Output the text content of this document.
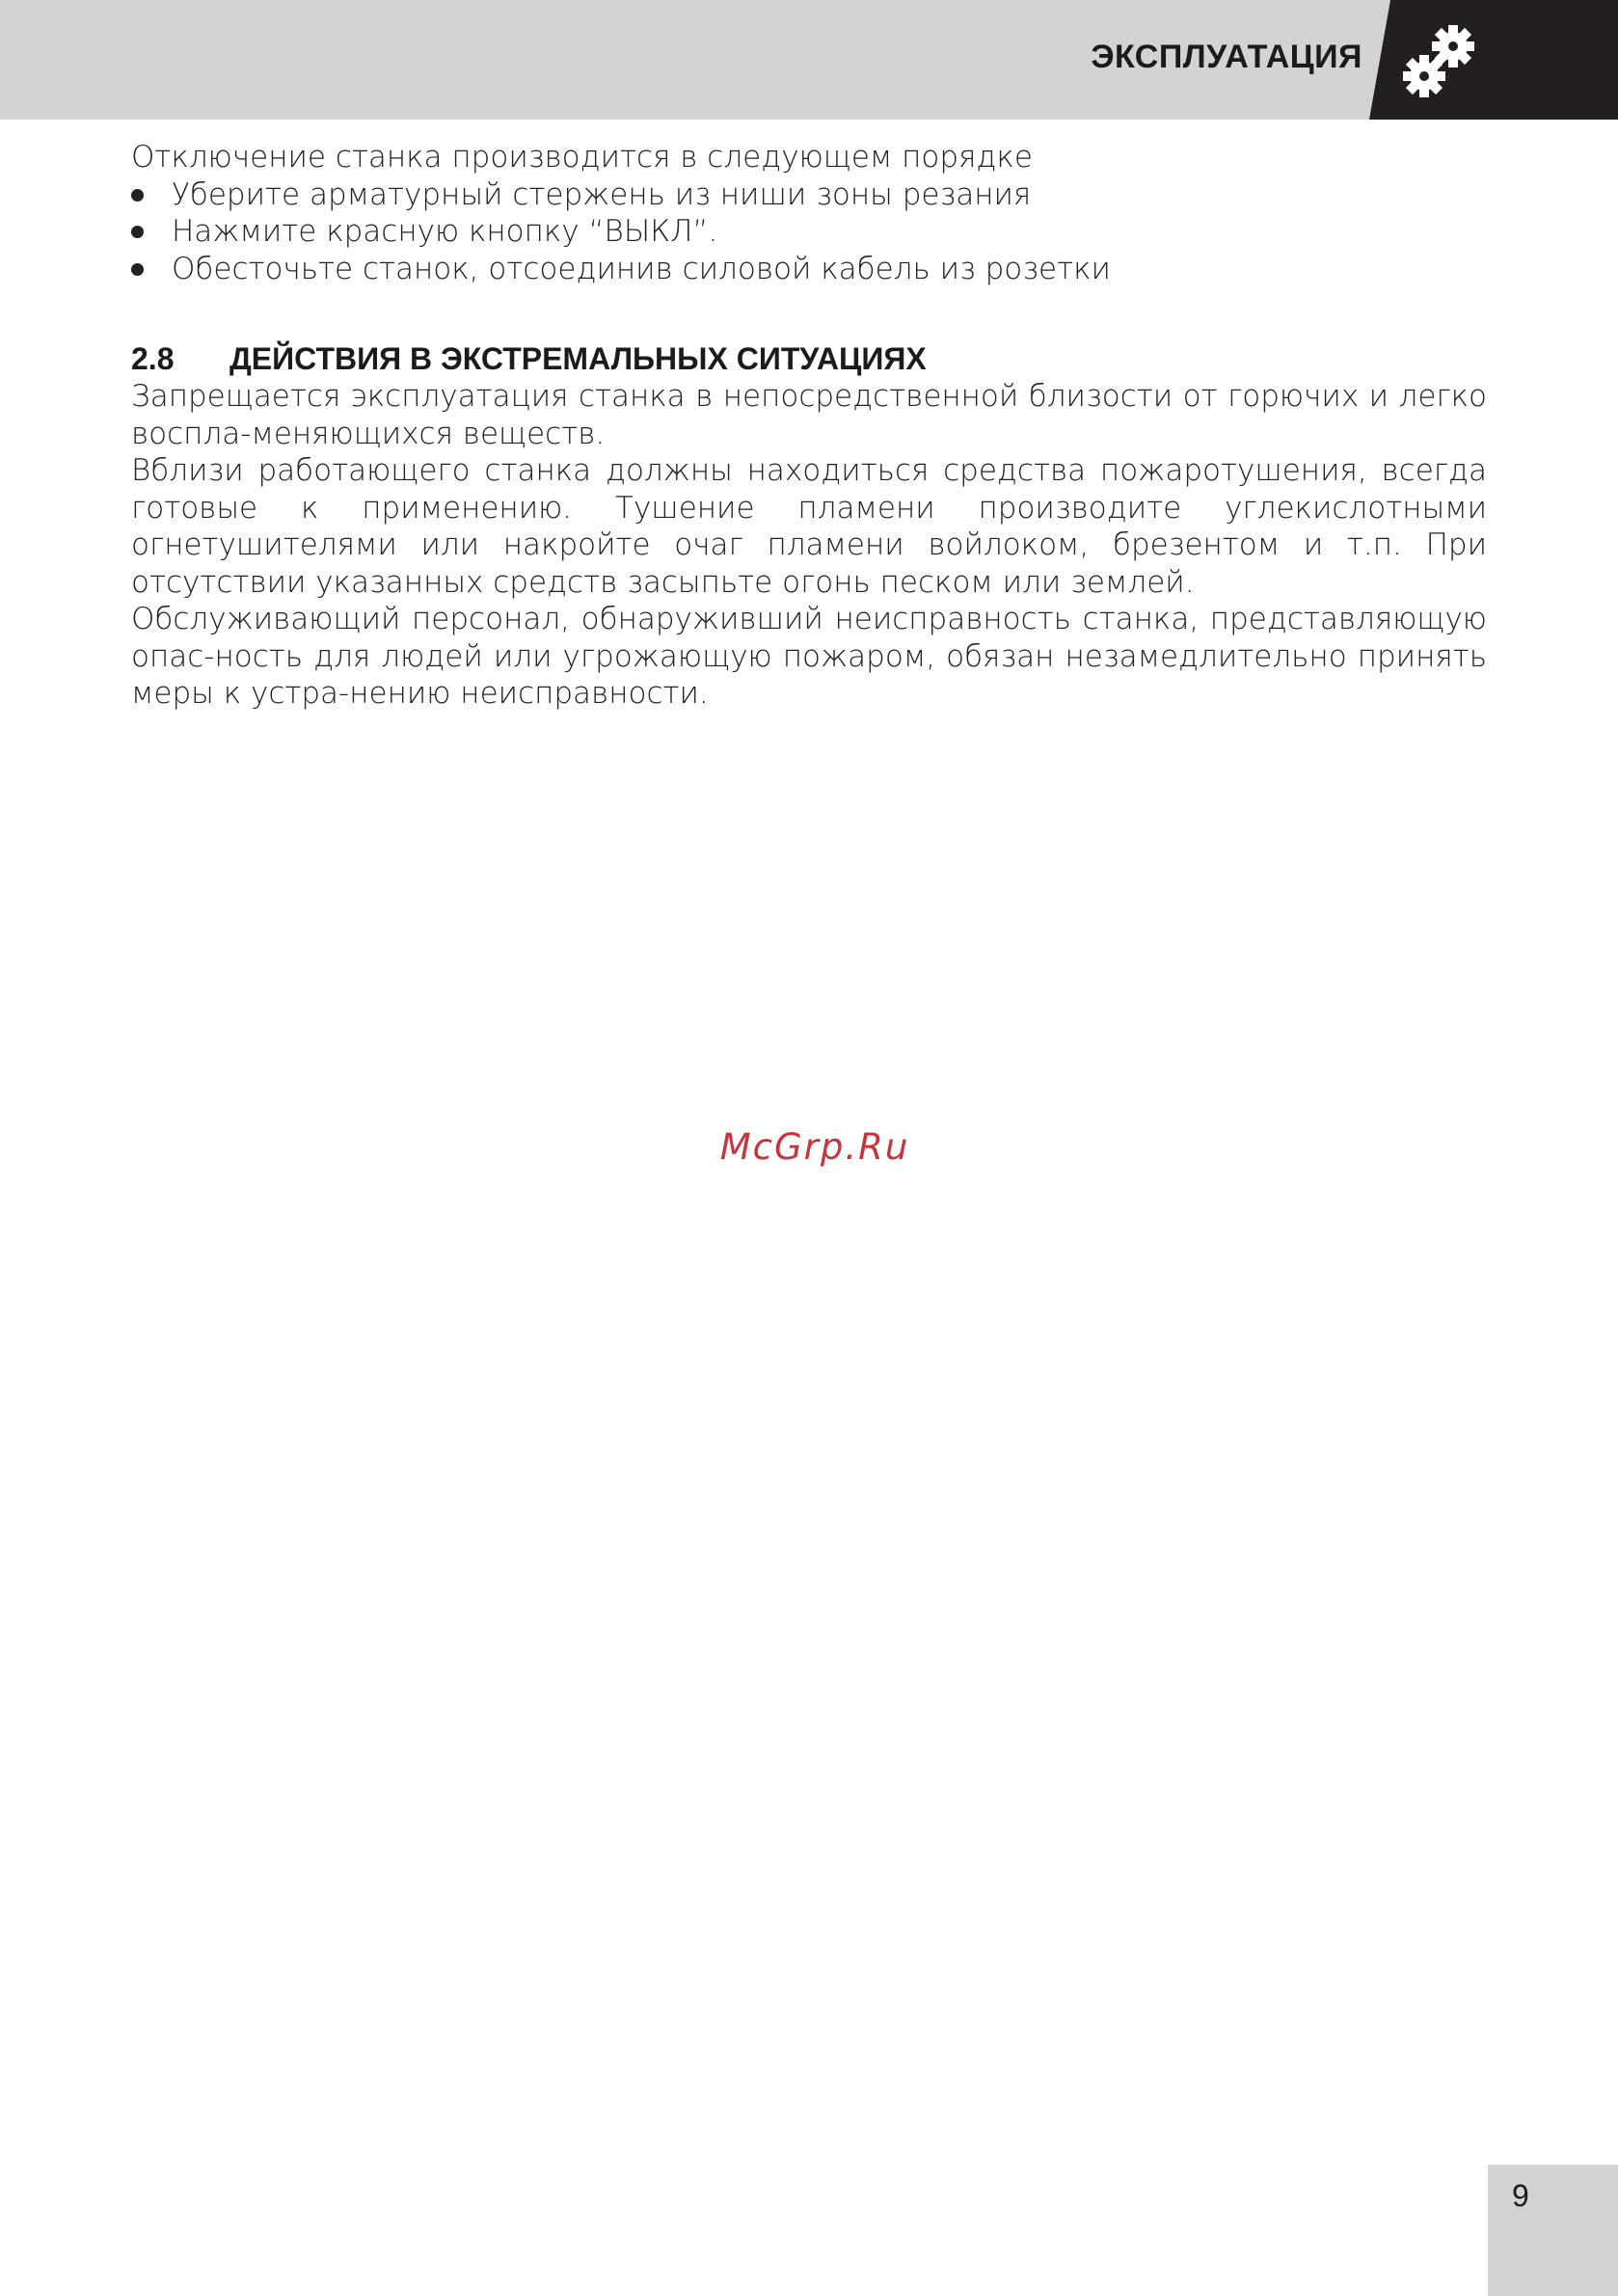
ЭКСПЛУАТАЦИЯ

Отключение станка производится в следующем порядке

Уберите арматурный стержень из ниши зоны резания
Нажмите красную кнопку “ВЫКЛ”.
Обесточьте станок, отсоединив силовой кабель из розетки
2.8	ДЕЙСТВИЯ В ЭКСТРЕМАЛЬНЫХ СИТУАЦИЯХ

Запрещается эксплуатация станка в непосредственной близости от горючих и легко воспла-меняющихся веществ.

Вблизи работающего станка должны находиться средства пожаротушения, всегда готовые к применению. Тушение пламени производите углекислотными огнетушителями или накройте очаг пламени войлоком, брезентом и т.п. При отсутствии указанных средств засыпьте огонь песком или землей.

Обслуживающий персонал, обнаруживший неисправность станка, представляющую опас-ность для людей или угрожающую пожаром, обязан незамедлительно принять меры к устра-нению неисправности.

McGrp.Ru
9
